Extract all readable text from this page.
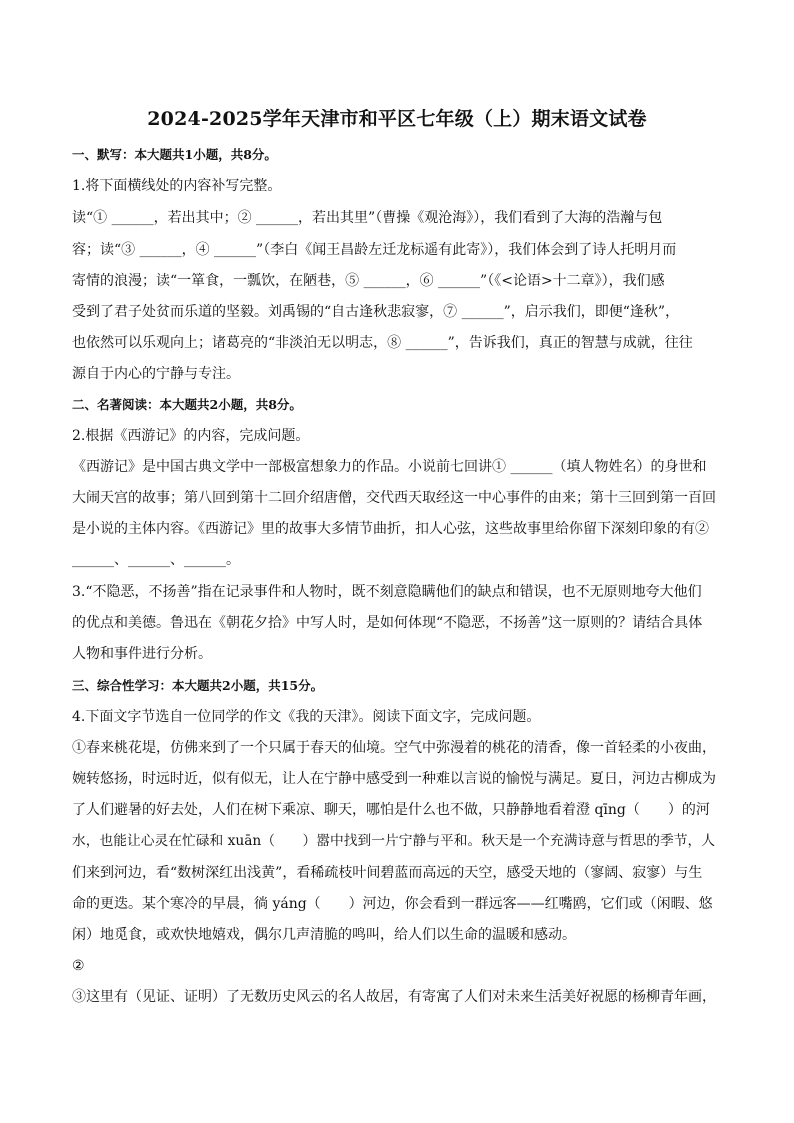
2024-2025学年天津市和平区七年级（上）期末语文试卷
一、默写：本大题共1小题，共8分。
1.将下面横线处的内容补写完整。
读“① ______，若出其中；② ______，若出其里”（曹操《观沧海》），我们看到了大海的浩瀚与包
容；读“③ ______，④ ______”（李白《闻王昌龄左迁龙标遥有此寄》），我们体会到了诗人托明月而
寄情的浪漫；读“一箪食，一瓢饮，在陋巷，⑤ ______，⑥ ______”（《<论语>十二章》），我们感
受到了君子处贫而乐道的坚毅。刘禹锡的“自古逢秋悲寂寥，⑦ ______”，启示我们，即便“逢秋”，
也依然可以乐观向上；诸葛亮的“非淡泊无以明志，⑧ ______”，告诉我们，真正的智慧与成就，往往
源自于内心的宁静与专注。
二、名著阅读：本大题共2小题，共8分。
2.根据《西游记》的内容，完成问题。
《西游记》是中国古典文学中一部极富想象力的作品。小说前七回讲① ______（填人物姓名）的身世和
大闹天宫的故事；第八回到第十二回介绍唐僧，交代西天取经这一中心事件的由来；第十三回到第一百回
是小说的主体内容。《西游记》里的故事大多情节曲折，扣人心弦，这些故事里给你留下深刻印象的有②
______、______、______。
3.“不隐恶，不扬善”指在记录事件和人物时，既不刻意隐瞒他们的缺点和错误，也不无原则地夸大他们
的优点和美德。鲁迅在《朝花夕拾》中写人时，是如何体现“不隐恶，不扬善”这一原则的？请结合具体
人物和事件进行分析。
三、综合性学习：本大题共2小题，共15分。
4.下面文字节选自一位同学的作文《我的天津》。阅读下面文字，完成问题。
①春来桃花堤，仿佛来到了一个只属于春天的仙境。空气中弥漫着的桃花的清香，像一首轻柔的小夜曲，
婉转悠扬，时远时近，似有似无，让人在宁静中感受到一种难以言说的愉悦与满足。夏日，河边古柳成为
了人们避暑的好去处，人们在树下乘凉、聊天，哪怕是什么也不做，只静静地看着澄 qīng（　　）的河
水，也能让心灵在忙碌和 xuān（　　）嚣中找到一片宁静与平和。秋天是一个充满诗意与哲思的季节，人
们来到河边，看“数树深红出浅黄”，看稀疏枝叶间碧蓝而高远的天空，感受天地的（寥阔、寂寥）与生
命的更迭。某个寒冷的早晨，徜 yáng（　　）河边，你会看到一群远客——红嘴鸥，它们或（闲暇、悠
闲）地觅食，或欢快地嬉戏，偶尔几声清脆的鸣叫，给人们以生命的温暖和感动。
②
③这里有（见证、证明）了无数历史风云的名人故居，有寄寓了人们对未来生活美好祝愿的杨柳青年画，
